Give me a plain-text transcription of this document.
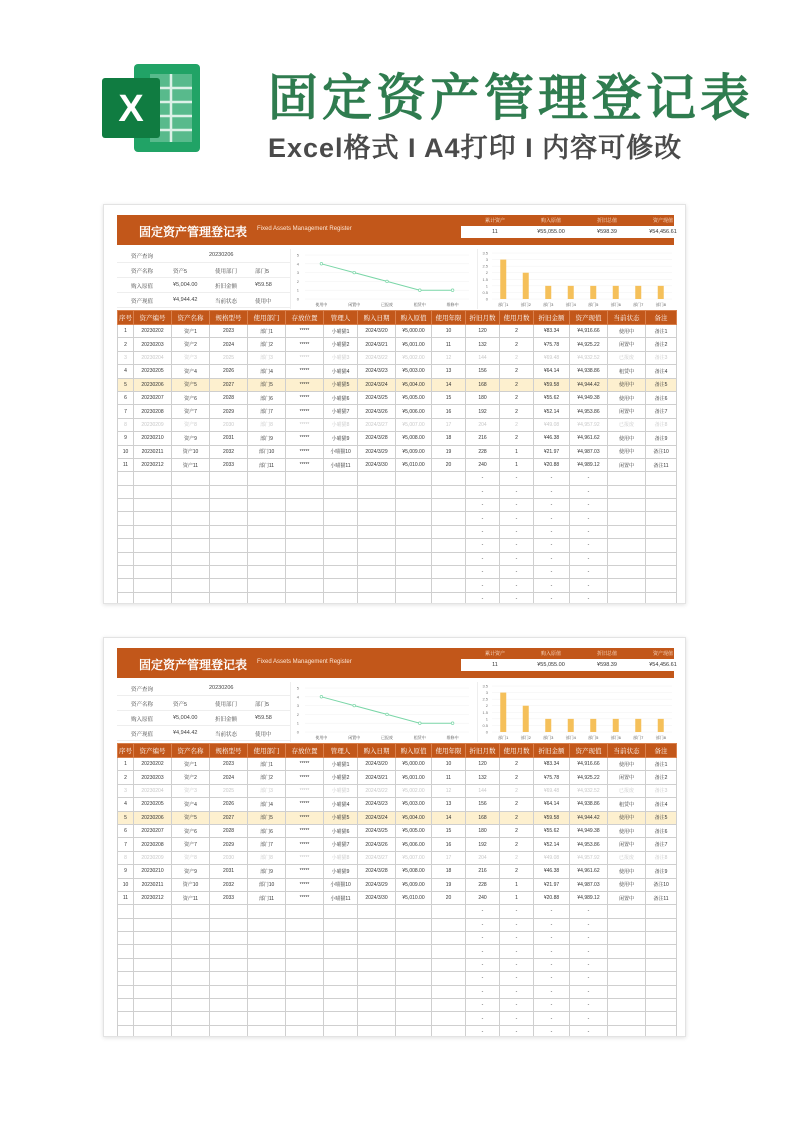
X 固定资产管理登记表
Excel格式 I A4打印 I 内容可修改
固定资产管理登记表 Fixed Assets Management Register
累计资产
11
购入原值
¥55,055.00
折旧总值
¥598.39
资产现值
¥54,456.61
资产查询	20230206
资产名称	资产5	使用部门	部门5
购入原值	¥5,004.00	折旧金额	¥59.58
资产现值	¥4,944.42	当前状态	使用中	0
1
2
3
4
5
使用中	闲置中	已报废	租赁中	维修中
0
0.5
1
1.5
2
2.5
3
3.5
部门1	部门2	部门3	部门4	部门5	部门6	部门7	部门8
序号	资产编号	资产名称	规格型号	使用部门	存放位置	管理人	购入日期	购入原值	使用年限	折旧月数	使用月数	折旧金额	资产现值	当前状态	备注
1	20230202	资产1	2023	部门1	*****	小喵猫1	2024/3/20	¥5,000.00	10	120	2	¥83.34	¥4,916.66	使用中	备注1
2	20230203	资产2	2024	部门2	*****	小喵猫2	2024/3/21	¥5,001.00	11	132	2	¥75.78	¥4,925.22	闲置中	备注2
3	20230204	资产3	2025	部门3	*****	小喵猫3	2024/3/22	¥5,002.00	12	144	2	¥69.48	¥4,932.52	已报废	备注3
4	20230205	资产4	2026	部门4	*****	小喵猫4	2024/3/23	¥5,003.00	13	156	2	¥64.14	¥4,938.86	租赁中	备注4
5	20230206	资产5	2027	部门5	*****	小喵猫5	2024/3/24	¥5,004.00	14	168	2	¥59.58	¥4,944.42	使用中	备注5
6	20230207	资产6	2028	部门6	*****	小喵猫6	2024/3/25	¥5,005.00	15	180	2	¥55.62	¥4,949.38	使用中	备注6
7	20230208	资产7	2029	部门7	*****	小喵猫7	2024/3/26	¥5,006.00	16	192	2	¥52.14	¥4,953.86	闲置中	备注7
8	20230209	资产8	2030	部门8	*****	小喵猫8	2024/3/27	¥5,007.00	17	204	2	¥49.08	¥4,957.92	已报废	备注8
9	20230210	资产9	2031	部门9	*****	小喵猫9	2024/3/28	¥5,008.00	18	216	2	¥46.38	¥4,961.62	使用中	备注9
10	20230211	资产10	2032	部门10	*****	小喵猫10	2024/3/29	¥5,009.00	19	228	1	¥21.97	¥4,987.03	使用中	备注10
11	20230212	资产11	2033	部门11	*****	小喵猫11	2024/3/30	¥5,010.00	20	240	1	¥20.88	¥4,989.12	闲置中	备注11
										-	-	-	-		
										-	-	-	-		
										-	-	-	-		
										-	-	-	-		
										-	-	-	-		
										-	-	-	-		
										-	-	-	-		
										-	-	-	-		
										-	-	-	-		
										-	-	-	-		
固定资产管理登记表 Fixed Assets Management Register
累计资产
11
购入原值
¥55,055.00
折旧总值
¥598.39
资产现值
¥54,456.61
资产查询	20230206
资产名称	资产5	使用部门	部门5
购入原值	¥5,004.00	折旧金额	¥59.58
资产现值	¥4,944.42	当前状态	使用中	0
1
2
3
4
5
使用中	闲置中	已报废	租赁中	维修中
0
0.5
1
1.5
2
2.5
3
3.5
部门1	部门2	部门3	部门4	部门5	部门6	部门7	部门8
序号	资产编号	资产名称	规格型号	使用部门	存放位置	管理人	购入日期	购入原值	使用年限	折旧月数	使用月数	折旧金额	资产现值	当前状态	备注
1	20230202	资产1	2023	部门1	*****	小喵猫1	2024/3/20	¥5,000.00	10	120	2	¥83.34	¥4,916.66	使用中	备注1
2	20230203	资产2	2024	部门2	*****	小喵猫2	2024/3/21	¥5,001.00	11	132	2	¥75.78	¥4,925.22	闲置中	备注2
3	20230204	资产3	2025	部门3	*****	小喵猫3	2024/3/22	¥5,002.00	12	144	2	¥69.48	¥4,932.52	已报废	备注3
4	20230205	资产4	2026	部门4	*****	小喵猫4	2024/3/23	¥5,003.00	13	156	2	¥64.14	¥4,938.86	租赁中	备注4
5	20230206	资产5	2027	部门5	*****	小喵猫5	2024/3/24	¥5,004.00	14	168	2	¥59.58	¥4,944.42	使用中	备注5
6	20230207	资产6	2028	部门6	*****	小喵猫6	2024/3/25	¥5,005.00	15	180	2	¥55.62	¥4,949.38	使用中	备注6
7	20230208	资产7	2029	部门7	*****	小喵猫7	2024/3/26	¥5,006.00	16	192	2	¥52.14	¥4,953.86	闲置中	备注7
8	20230209	资产8	2030	部门8	*****	小喵猫8	2024/3/27	¥5,007.00	17	204	2	¥49.08	¥4,957.92	已报废	备注8
9	20230210	资产9	2031	部门9	*****	小喵猫9	2024/3/28	¥5,008.00	18	216	2	¥46.38	¥4,961.62	使用中	备注9
10	20230211	资产10	2032	部门10	*****	小喵猫10	2024/3/29	¥5,009.00	19	228	1	¥21.97	¥4,987.03	使用中	备注10
11	20230212	资产11	2033	部门11	*****	小喵猫11	2024/3/30	¥5,010.00	20	240	1	¥20.88	¥4,989.12	闲置中	备注11
										-	-	-	-		
										-	-	-	-		
										-	-	-	-		
										-	-	-	-		
										-	-	-	-		
										-	-	-	-		
										-	-	-	-		
										-	-	-	-		
										-	-	-	-		
										-	-	-	-		
